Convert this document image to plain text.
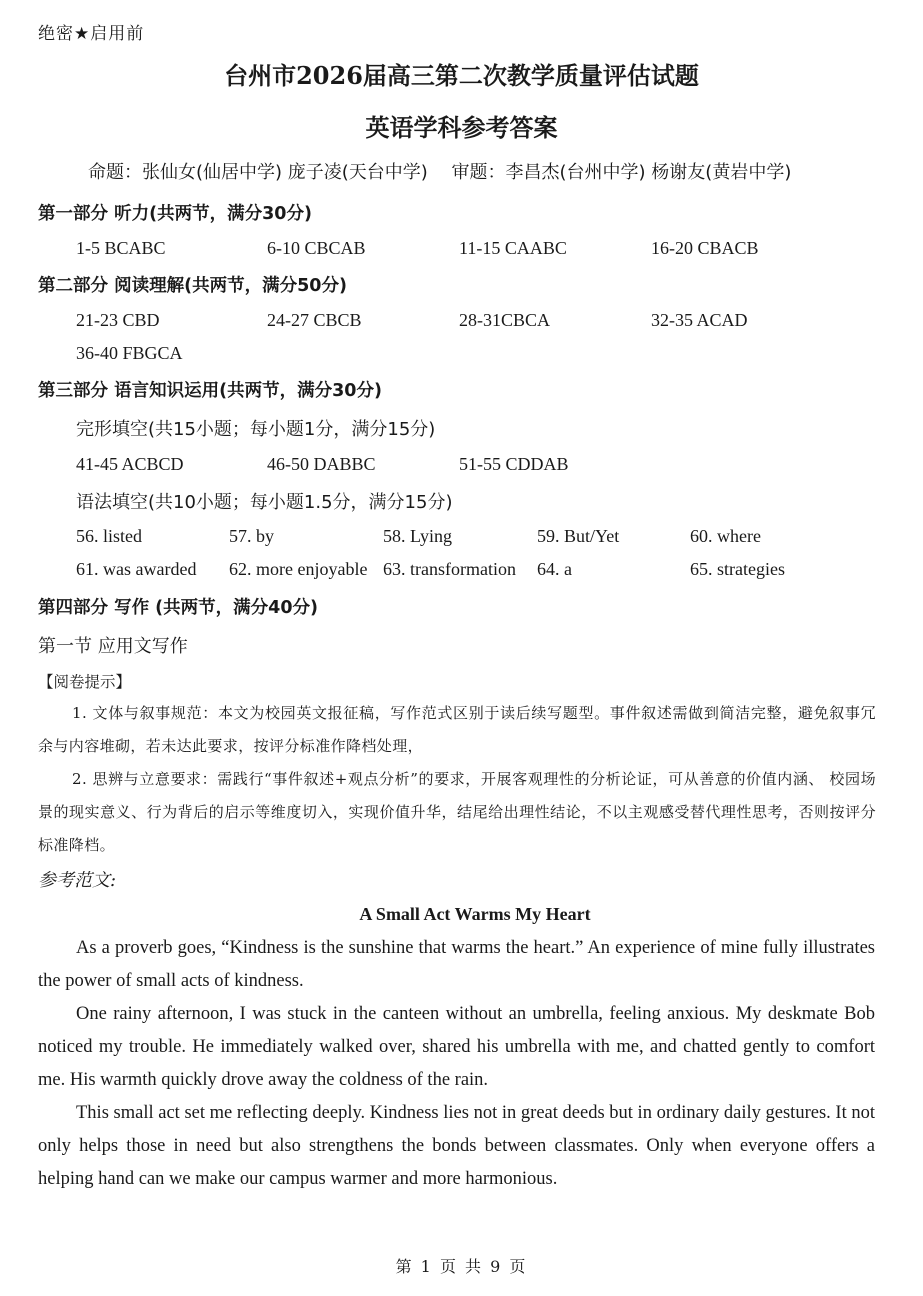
绝密★启用前
台州市2026届高三第二次教学质量评估试题
英语学科参考答案
命题：张仙女(仙居中学) 庞子凌(天台中学)　 审题：李昌杰(台州中学) 杨谢友(黄岩中学)
第一部分 听力(共两节，满分30分)
1-5 BCABC	6-10 CBCAB	11-15 CAABC	16-20 CBACB
第二部分 阅读理解(共两节，满分50分)
21-23 CBD	24-27 CBCB	28-31CBCA	32-35 ACAD
36-40 FBGCA
第三部分 语言知识运用(共两节，满分30分)
完形填空(共15小题；每小题1分，满分15分)
41-45 ACBCD	46-50 DABBC	51-55 CDDAB
语法填空(共10小题；每小题1.5分，满分15分)
56. listed	57. by	58. Lying	59. But/Yet	60. where
61. was awarded 62. more enjoyable 63. transformation 64. a	65. strategies
第四部分 写作 (共两节，满分40分)
第一节 应用文写作
【阅卷提示】

1. 文体与叙事规范：本文为校园英文报征稿，写作范式区别于读后续写题型。事件叙述需做到简洁完整，避免叙事冗余与内容堆砌，若未达此要求，按评分标准作降档处理，

2. 思辨与立意要求：需践行“事件叙述+观点分析”的要求，开展客观理性的分析论证，可从善意的价值内涵、 校园场景的现实意义、行为背后的启示等维度切入，实现价值升华，结尾给出理性结论，不以主观感受替代理性思考，否则按评分标准降档。

参考范文:
A Small Act Warms My Heart

As a proverb goes, “Kindness is the sunshine that warms the heart.” An experience of mine fully illustrates the power of small acts of kindness.

One rainy afternoon, I was stuck in the canteen without an umbrella, feeling anxious. My deskmate Bob noticed my trouble. He immediately walked over, shared his umbrella with me, and chatted gently to comfort me. His warmth quickly drove away the coldness of the rain.

This small act set me reflecting deeply. Kindness lies not in great deeds but in ordinary daily gestures. It not only helps those in need but also strengthens the bonds between classmates. Only when everyone offers a helping hand can we make our campus warmer and more harmonious.

第 1 页 共 9 页
